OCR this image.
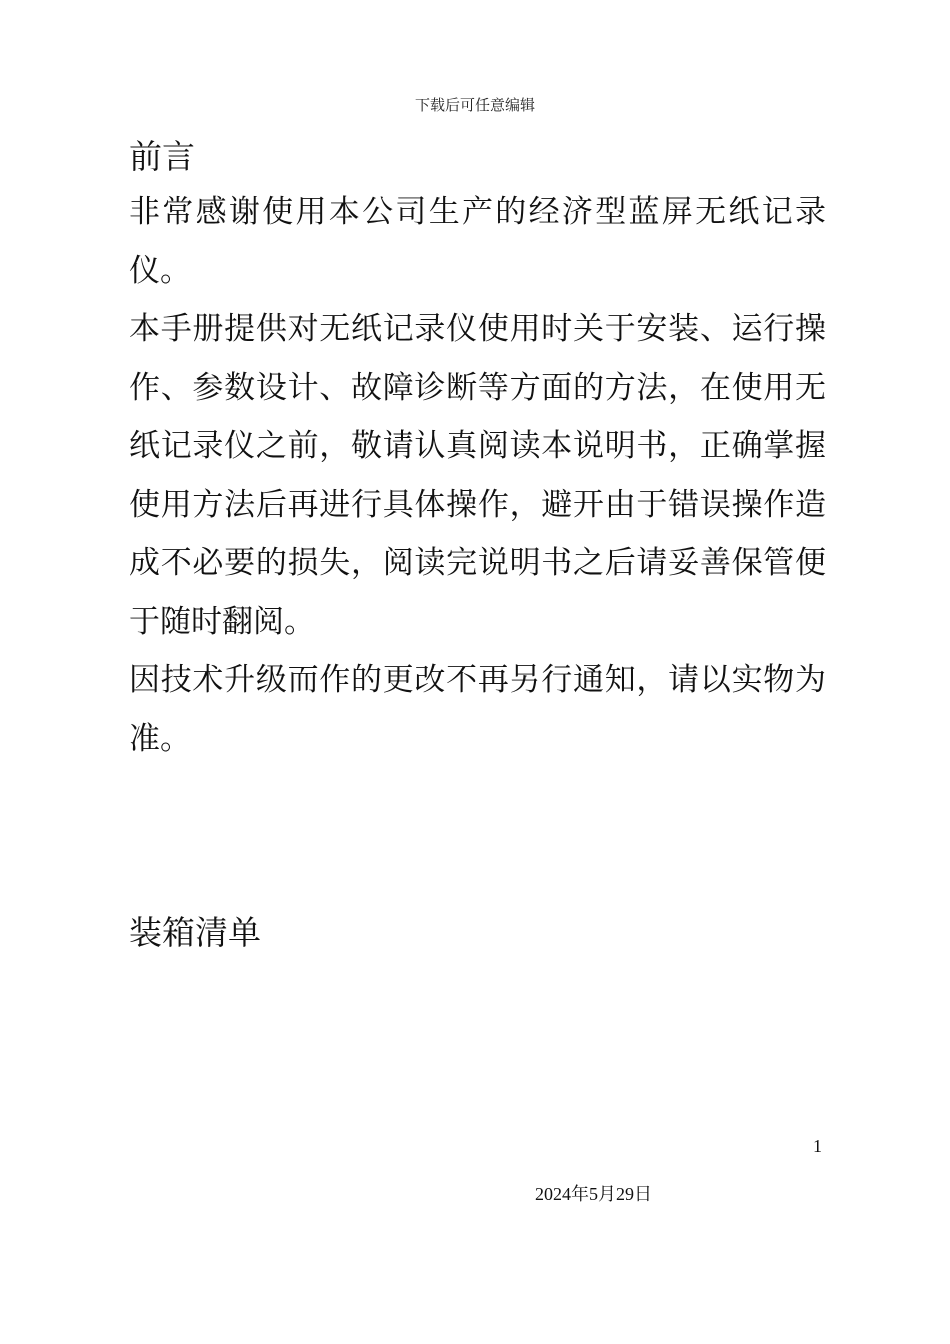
下载后可任意编辑
前言

非常感谢使用本公司生产的经济型蓝屏无纸记录仪。

本手册提供对无纸记录仪使用时关于安装、运行操作、参数设计、故障诊断等方面的方法，在使用无纸记录仪之前，敬请认真阅读本说明书，正确掌握使用方法后再进行具体操作，避开由于错误操作造成不必要的损失，阅读完说明书之后请妥善保管便于随时翻阅。

因技术升级而作的更改不再另行通知，请以实物为准。

装箱清单
1
2024年5月29日
